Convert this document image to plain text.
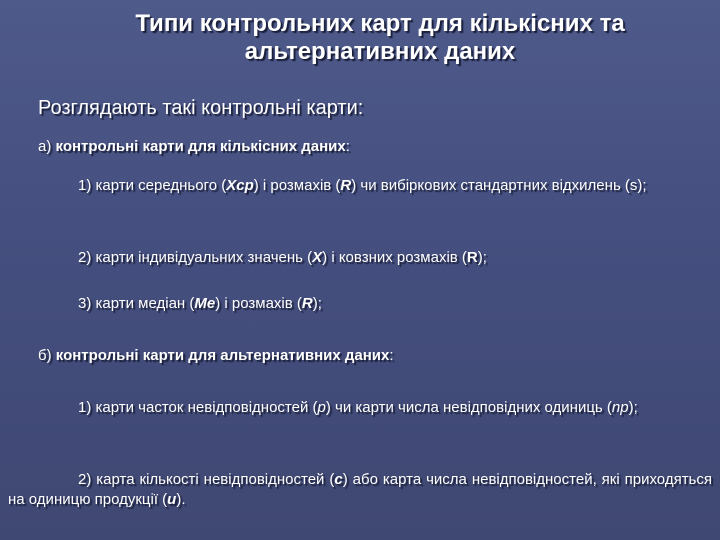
Типи контрольних карт для кількісних та
альтернативних даних
Розглядають такі контрольні карти:
а) контрольні карти для кількісних даних:
1) карти середнього (Xср) і розмахів (R) чи вибіркових стандартних відхилень (s);
2) карти індивідуальних значень (X) і ковзних розмахів (R);
3) карти медіан (Me) і розмахів (R);
б) контрольні карти для альтернативних даних:
1) карти часток невідповідностей (p) чи карти числа невідповідних одиниць (np);
2) карта кількості невідповідностей (c) або карта числа невідповідностей, які приходяться на одиницю продукції (u).
